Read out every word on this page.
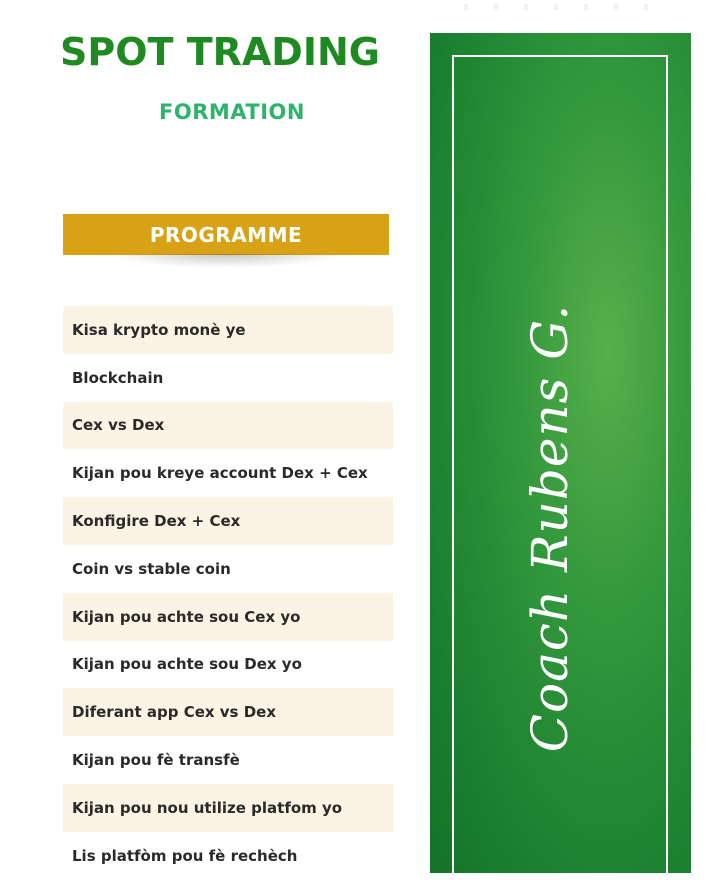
SPOT TRADING
FORMATION
PROGRAMME
Kisa krypto monè ye
Blockchain
Cex vs Dex
Kijan pou kreye account Dex + Cex
Konfigire Dex + Cex
Coin vs stable coin
Kijan pou achte sou Cex yo
Kijan pou achte sou Dex yo
Diferant app Cex vs Dex
Kijan pou fè transfè
Kijan pou nou utilize platfom yo
Lis platfòm pou fè rechèch
Coach Rubens G.
